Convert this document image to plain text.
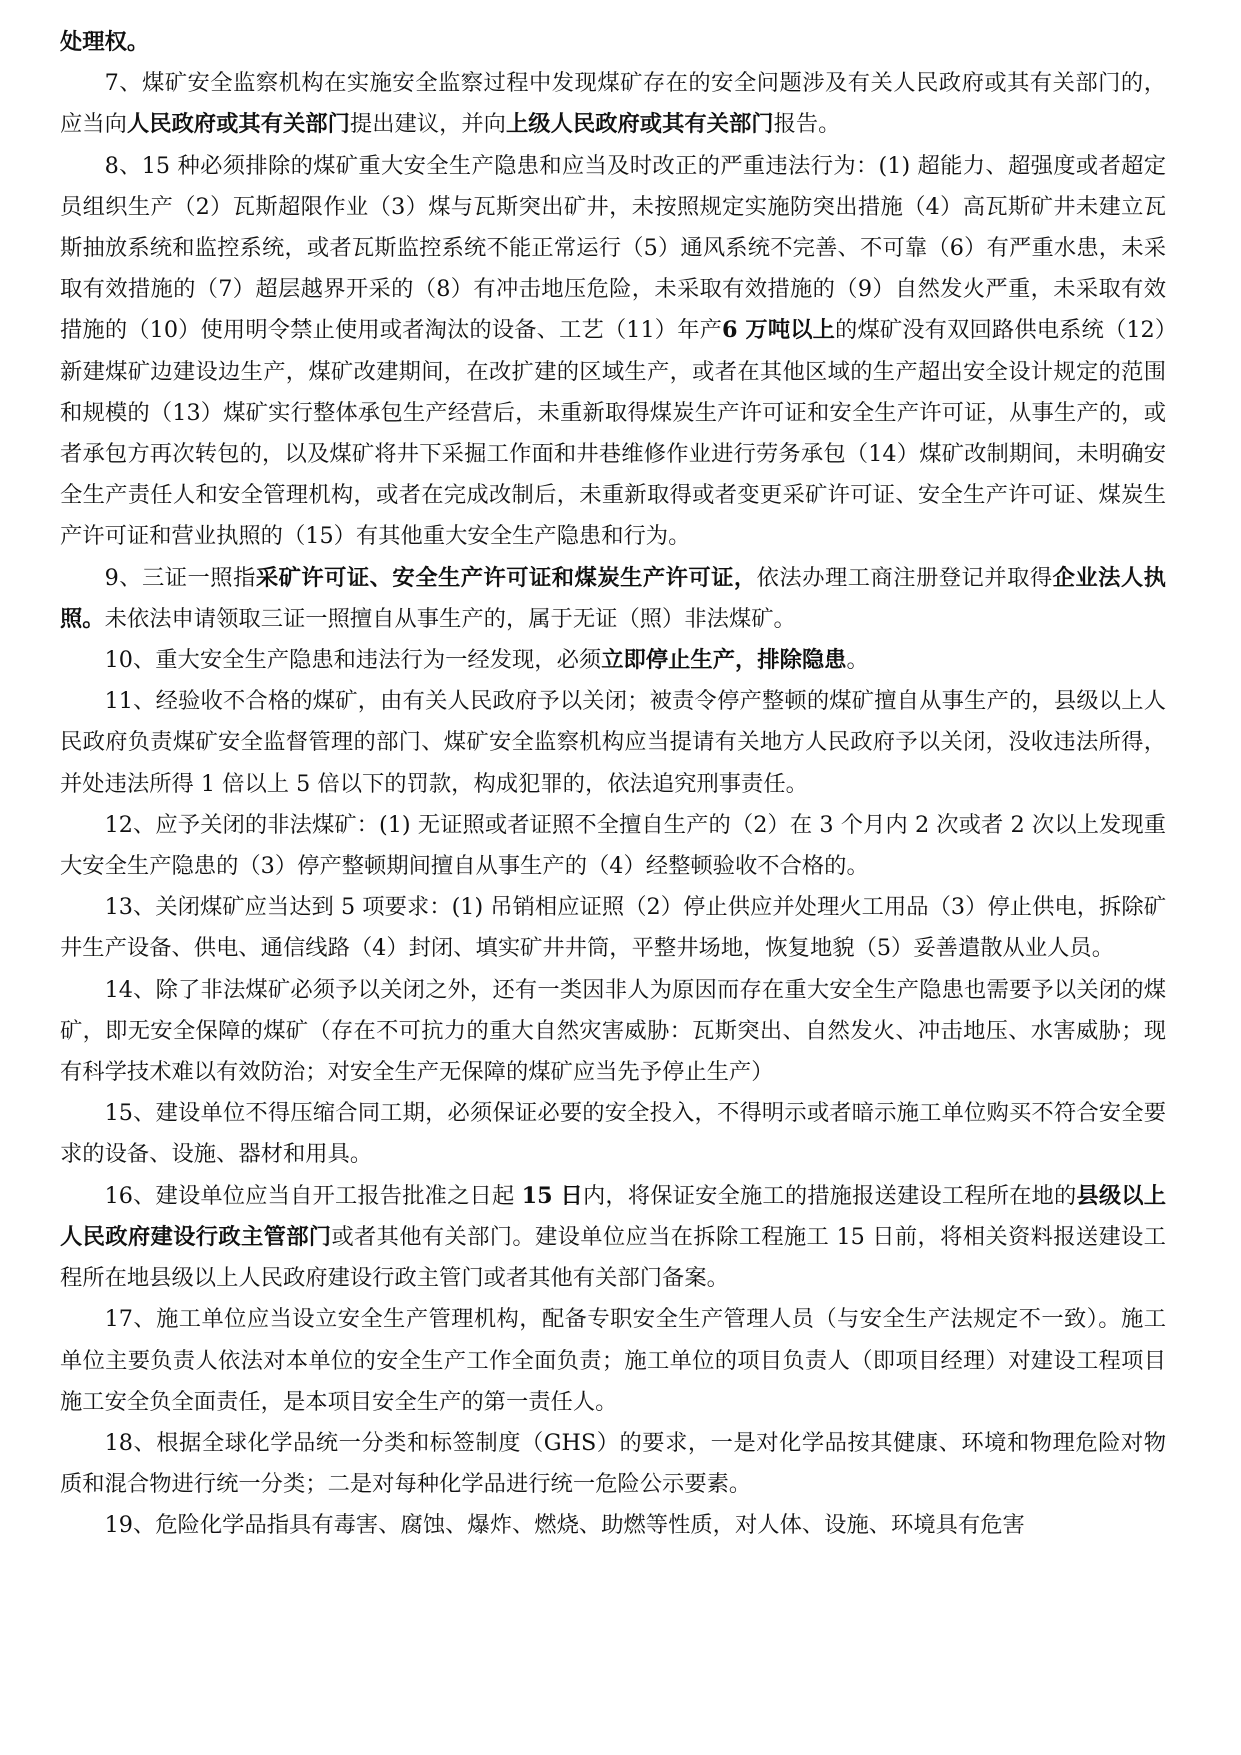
处理权。

7、煤矿安全监察机构在实施安全监察过程中发现煤矿存在的安全问题涉及有关人民政府或其有关部门的，应当向人民政府或其有关部门提出建议，并向上级人民政府或其有关部门报告。

8、15 种必须排除的煤矿重大安全生产隐患和应当及时改正的严重违法行为：(1) 超能力、超强度或者超定员组织生产（2）瓦斯超限作业（3）煤与瓦斯突出矿井，未按照规定实施防突出措施（4）高瓦斯矿井未建立瓦斯抽放系统和监控系统，或者瓦斯监控系统不能正常运行（5）通风系统不完善、不可靠（6）有严重水患，未采取有效措施的（7）超层越界开采的（8）有冲击地压危险，未采取有效措施的（9）自然发火严重，未采取有效措施的（10）使用明令禁止使用或者淘汰的设备、工艺（11）年产6 万吨以上的煤矿没有双回路供电系统（12）新建煤矿边建设边生产，煤矿改建期间，在改扩建的区域生产，或者在其他区域的生产超出安全设计规定的范围和规模的（13）煤矿实行整体承包生产经营后，未重新取得煤炭生产许可证和安全生产许可证，从事生产的，或者承包方再次转包的，以及煤矿将井下采掘工作面和井巷维修作业进行劳务承包（14）煤矿改制期间，未明确安全生产责任人和安全管理机构，或者在完成改制后，未重新取得或者变更采矿许可证、安全生产许可证、煤炭生产许可证和营业执照的（15）有其他重大安全生产隐患和行为。

9、三证一照指采矿许可证、安全生产许可证和煤炭生产许可证，依法办理工商注册登记并取得企业法人执照。未依法申请领取三证一照擅自从事生产的，属于无证（照）非法煤矿。

10、重大安全生产隐患和违法行为一经发现，必须立即停止生产，排除隐患。

11、经验收不合格的煤矿，由有关人民政府予以关闭；被责令停产整顿的煤矿擅自从事生产的，县级以上人民政府负责煤矿安全监督管理的部门、煤矿安全监察机构应当提请有关地方人民政府予以关闭，没收违法所得，并处违法所得 1 倍以上 5 倍以下的罚款，构成犯罪的，依法追究刑事责任。

12、应予关闭的非法煤矿：(1) 无证照或者证照不全擅自生产的（2）在 3 个月内 2 次或者 2 次以上发现重大安全生产隐患的（3）停产整顿期间擅自从事生产的（4）经整顿验收不合格的。

13、关闭煤矿应当达到 5 项要求：(1) 吊销相应证照（2）停止供应并处理火工用品（3）停止供电，拆除矿井生产设备、供电、通信线路（4）封闭、填实矿井井筒，平整井场地，恢复地貌（5）妥善遣散从业人员。

14、除了非法煤矿必须予以关闭之外，还有一类因非人为原因而存在重大安全生产隐患也需要予以关闭的煤矿，即无安全保障的煤矿（存在不可抗力的重大自然灾害威胁：瓦斯突出、自然发火、冲击地压、水害威胁；现有科学技术难以有效防治；对安全生产无保障的煤矿应当先予停止生产）

15、建设单位不得压缩合同工期，必须保证必要的安全投入，不得明示或者暗示施工单位购买不符合安全要求的设备、设施、器材和用具。

16、建设单位应当自开工报告批准之日起 15 日内，将保证安全施工的措施报送建设工程所在地的县级以上人民政府建设行政主管部门或者其他有关部门。建设单位应当在拆除工程施工 15 日前，将相关资料报送建设工程所在地县级以上人民政府建设行政主管门或者其他有关部门备案。

17、施工单位应当设立安全生产管理机构，配备专职安全生产管理人员（与安全生产法规定不一致）。施工单位主要负责人依法对本单位的安全生产工作全面负责；施工单位的项目负责人（即项目经理）对建设工程项目施工安全负全面责任，是本项目安全生产的第一责任人。

18、根据全球化学品统一分类和标签制度（GHS）的要求，一是对化学品按其健康、环境和物理危险对物质和混合物进行统一分类；二是对每种化学品进行统一危险公示要素。

19、危险化学品指具有毒害、腐蚀、爆炸、燃烧、助燃等性质，对人体、设施、环境具有危害
